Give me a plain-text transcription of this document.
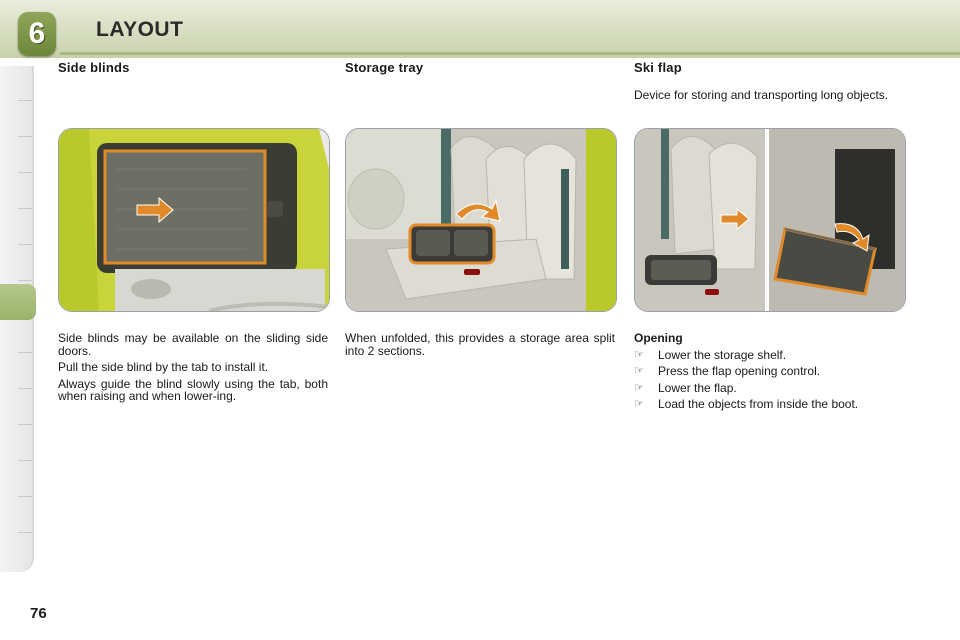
6	LAYOUT
Side blinds

Side blinds may be available on the sliding side doors.

Pull the side blind by the tab to install it.

Always guide the blind slowly using the tab, both when raising and when lower-ing.

Storage tray

When unfolded, this provides a storage area split into 2 sections.

Ski flap

Device for storing and transporting long objects.

Opening

☞	Lower the storage shelf.
☞	Press the flap opening control.
☞	Lower the flap.
☞	Load the objects from inside the boot.
76
